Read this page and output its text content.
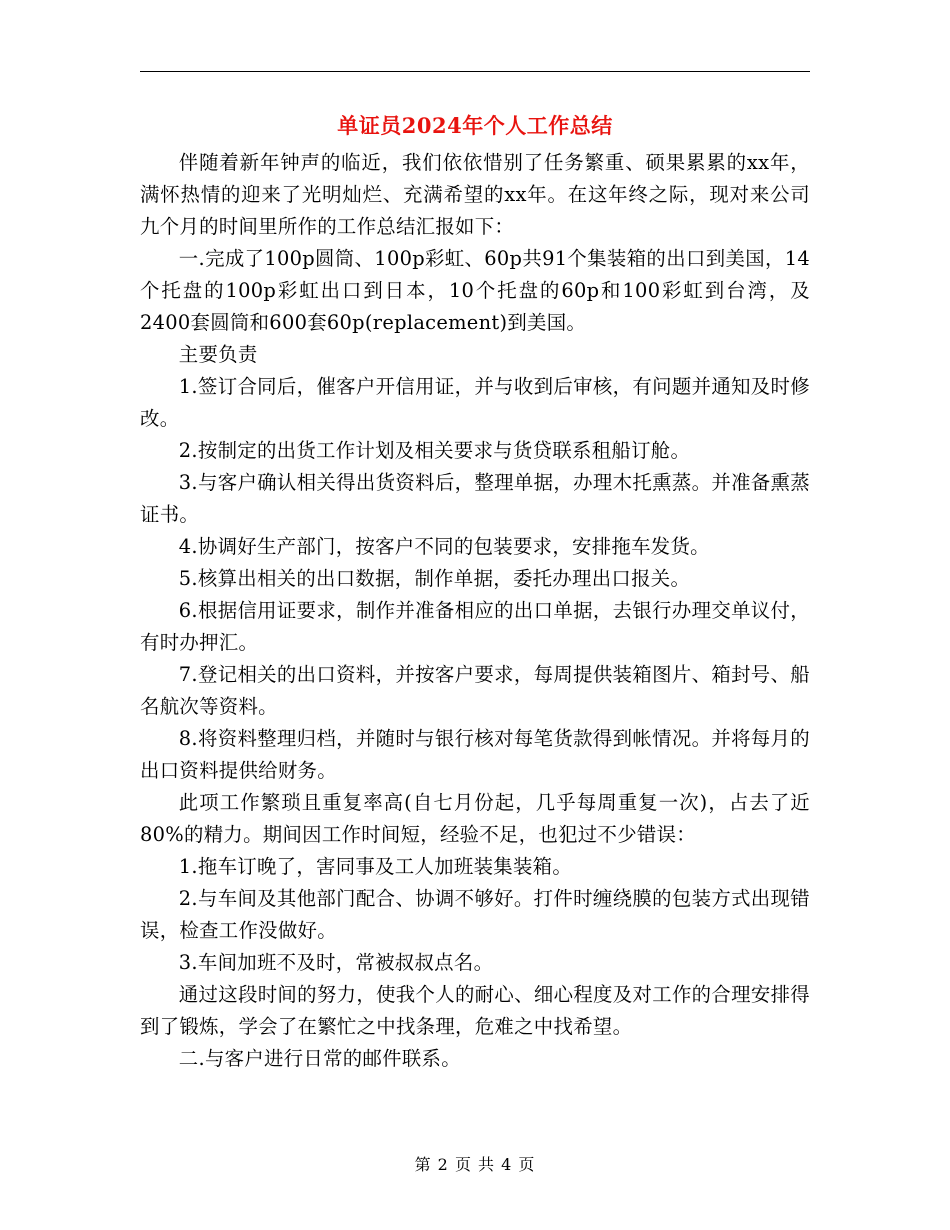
单证员2024年个人工作总结

伴随着新年钟声的临近，我们依依惜别了任务繁重、硕果累累的xx年，满怀热情的迎来了光明灿烂、充满希望的xx年。在这年终之际，现对来公司九个月的时间里所作的工作总结汇报如下：

一.完成了100p圆筒、100p彩虹、60p共91个集装箱的出口到美国，14个托盘的100p彩虹出口到日本，10个托盘的60p和100彩虹到台湾，及2400套圆筒和600套60p(replacement)到美国。

主要负责

1.签订合同后，催客户开信用证，并与收到后审核，有问题并通知及时修改。

2.按制定的出货工作计划及相关要求与货贷联系租船订舱。

3.与客户确认相关得出货资料后，整理单据，办理木托熏蒸。并准备熏蒸证书。

4.协调好生产部门，按客户不同的包装要求，安排拖车发货。

5.核算出相关的出口数据，制作单据，委托办理出口报关。

6.根据信用证要求，制作并准备相应的出口单据，去银行办理交单议付，有时办押汇。

7.登记相关的出口资料，并按客户要求，每周提供装箱图片、箱封号、船名航次等资料。

8.将资料整理归档，并随时与银行核对每笔货款得到帐情况。并将每月的出口资料提供给财务。

此项工作繁琐且重复率高(自七月份起，几乎每周重复一次)，占去了近80%的精力。期间因工作时间短，经验不足，也犯过不少错误：

1.拖车订晚了，害同事及工人加班装集装箱。

2.与车间及其他部门配合、协调不够好。打件时缠绕膜的包装方式出现错误，检查工作没做好。

3.车间加班不及时，常被叔叔点名。

通过这段时间的努力，使我个人的耐心、细心程度及对工作的合理安排得到了锻炼，学会了在繁忙之中找条理，危难之中找希望。

二.与客户进行日常的邮件联系。

第 2 页 共 4 页
